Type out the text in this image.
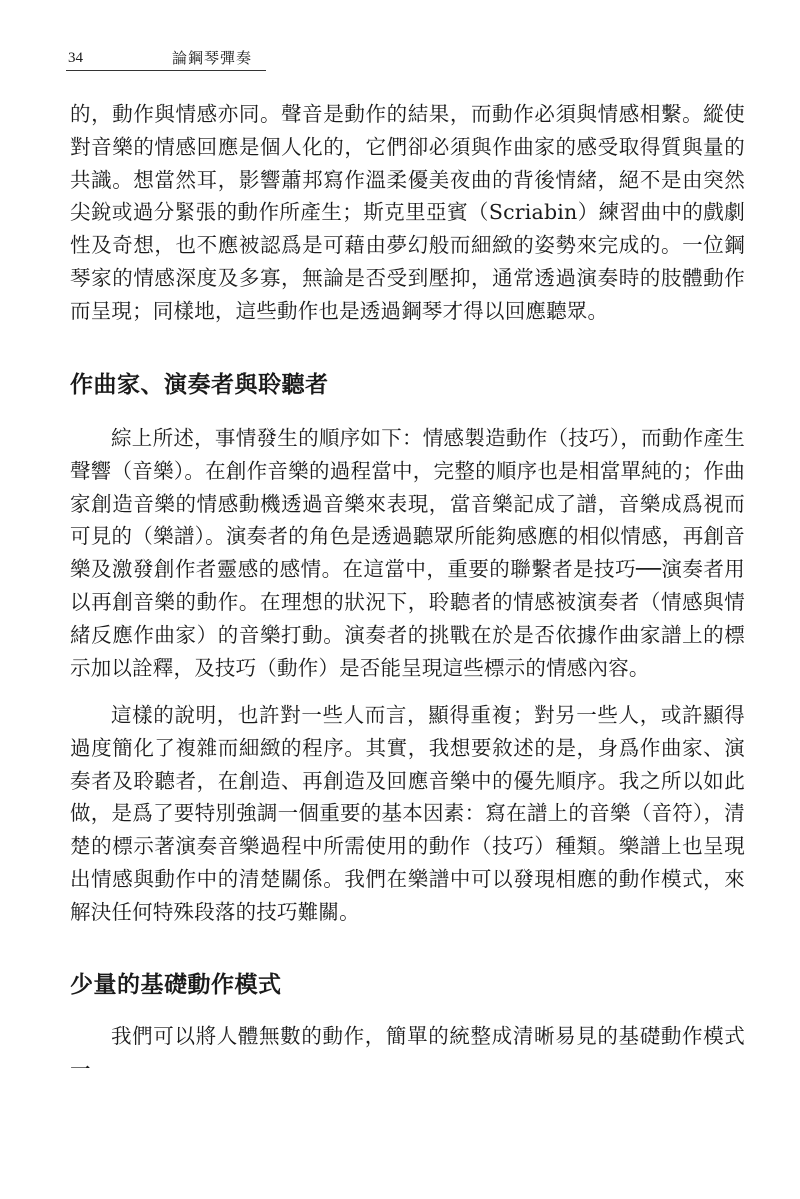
34	論鋼琴彈奏

的，動作與情感亦同。聲音是動作的結果，而動作必須與情感相繫。縱使對音樂的情感回應是個人化的，它們卻必須與作曲家的感受取得質與量的共識。想當然耳，影響蕭邦寫作溫柔優美夜曲的背後情緒，絕不是由突然尖銳或過分緊張的動作所產生；斯克里亞賓（Scriabin）練習曲中的戲劇性及奇想，也不應被認爲是可藉由夢幻般而細緻的姿勢來完成的。一位鋼琴家的情感深度及多寡，無論是否受到壓抑，通常透過演奏時的肢體動作而呈現；同樣地，這些動作也是透過鋼琴才得以回應聽眾。

作曲家、演奏者與聆聽者

綜上所述，事情發生的順序如下：情感製造動作（技巧），而動作產生聲響（音樂）。在創作音樂的過程當中，完整的順序也是相當單純的；作曲家創造音樂的情感動機透過音樂來表現，當音樂記成了譜，音樂成爲視而可見的（樂譜）。演奏者的角色是透過聽眾所能夠感應的相似情感，再創音樂及激發創作者靈感的感情。在這當中，重要的聯繫者是技巧──演奏者用以再創音樂的動作。在理想的狀況下，聆聽者的情感被演奏者（情感與情緒反應作曲家）的音樂打動。演奏者的挑戰在於是否依據作曲家譜上的標示加以詮釋，及技巧（動作）是否能呈現這些標示的情感內容。

這樣的說明，也許對一些人而言，顯得重複；對另一些人，或許顯得過度簡化了複雜而細緻的程序。其實，我想要敘述的是，身爲作曲家、演奏者及聆聽者，在創造、再創造及回應音樂中的優先順序。我之所以如此做，是爲了要特別強調一個重要的基本因素：寫在譜上的音樂（音符），清楚的標示著演奏音樂過程中所需使用的動作（技巧）種類。樂譜上也呈現出情感與動作中的清楚關係。我們在樂譜中可以發現相應的動作模式，來解決任何特殊段落的技巧難關。

少量的基礎動作模式

我們可以將人體無數的動作，簡單的統整成清晰易見的基礎動作模式一
